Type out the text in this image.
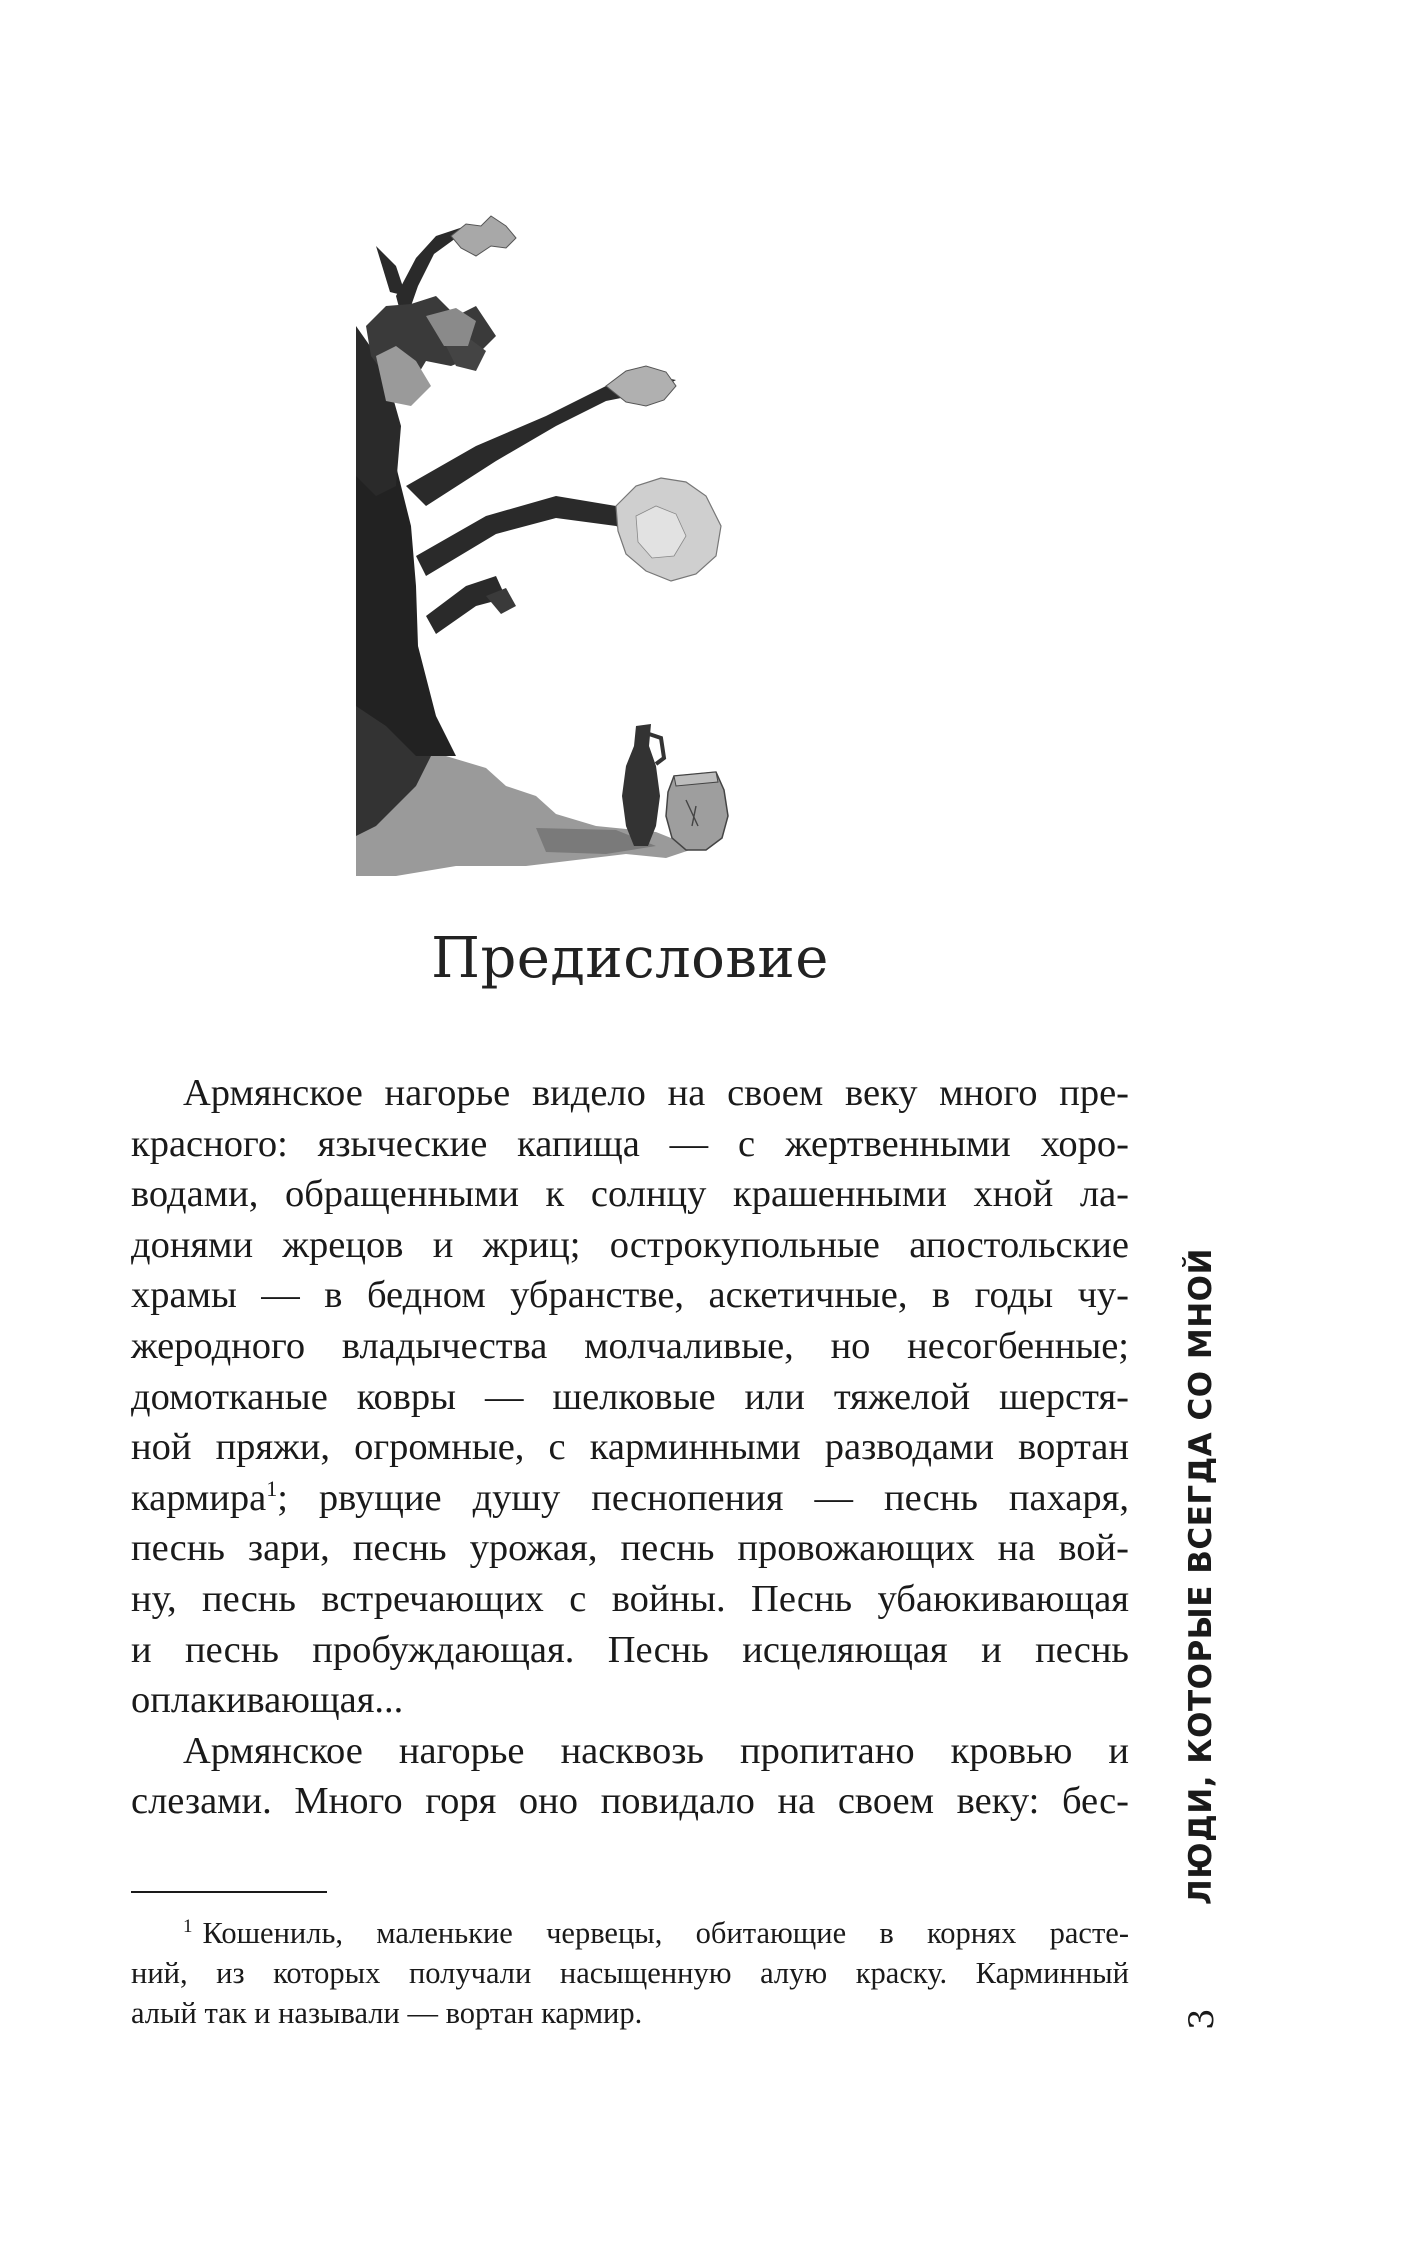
Предисловие
Армянское нагорье видело на своем веку много пре-
красного: языческие капища — с жертвенными хоро-
водами, обращенными к солнцу крашенными хной ла-
донями жрецов и жриц; острокупольные апостольские
храмы — в бедном убранстве, аскетичные, в годы чу-
жеродного владычества молчаливые, но несогбенные;
домотканые ковры — шелковые или тяжелой шерстя-
ной пряжи, огромные, с карминными разводами вортан
кармира$^1$; рвущие душу песнопения — песнь пахаря,
песнь зари, песнь урожая, песнь провожающих на вой-
ну, песнь встречающих с войны. Песнь убаюкивающая
и песнь пробуждающая. Песнь исцеляющая и песнь
оплакивающая...
Армянское нагорье насквозь пропитано кровью и
слезами. Много горя оно повидало на своем веку: бес-
$^1$ Кошениль, маленькие червецы, обитающие в корнях расте-
ний, из которых получали насыщенную алую краску. Карминный
алый так и называли — вортан кармир.
ЛЮДИ, КОТОРЫЕ ВСЕГДА СО МНОЙ
3
